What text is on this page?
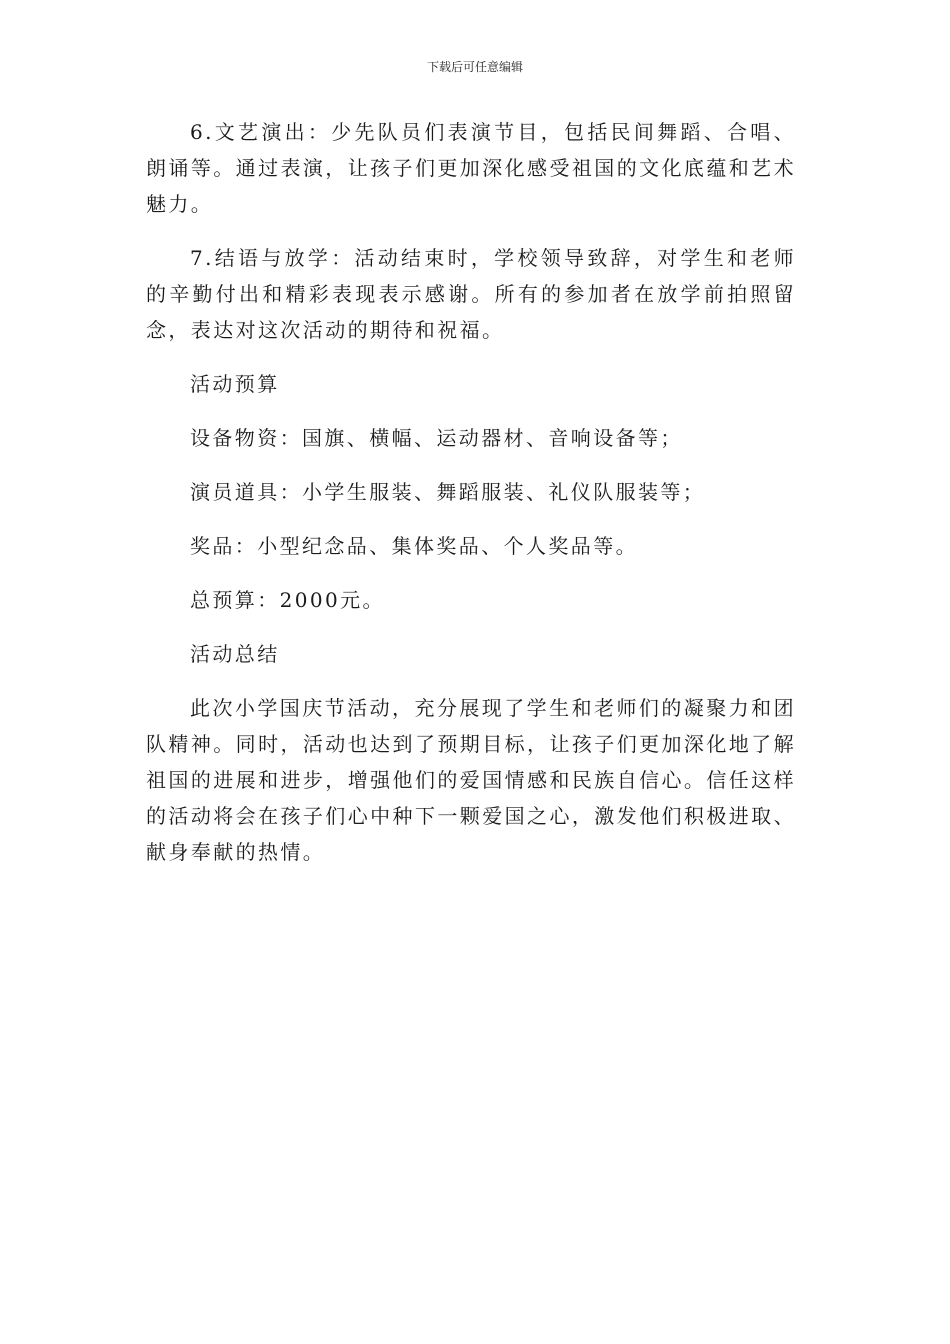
下载后可任意编辑

6.文艺演出：少先队员们表演节目，包括民间舞蹈、合唱、朗诵等。通过表演，让孩子们更加深化感受祖国的文化底蕴和艺术魅力。

7.结语与放学：活动结束时，学校领导致辞，对学生和老师的辛勤付出和精彩表现表示感谢。所有的参加者在放学前拍照留念，表达对这次活动的期待和祝福。

活动预算

设备物资：国旗、横幅、运动器材、音响设备等；

演员道具：小学生服装、舞蹈服装、礼仪队服装等；

奖品：小型纪念品、集体奖品、个人奖品等。

总预算：2000元。

活动总结

此次小学国庆节活动，充分展现了学生和老师们的凝聚力和团队精神。同时，活动也达到了预期目标，让孩子们更加深化地了解祖国的进展和进步，增强他们的爱国情感和民族自信心。信任这样的活动将会在孩子们心中种下一颗爱国之心，激发他们积极进取、献身奉献的热情。
